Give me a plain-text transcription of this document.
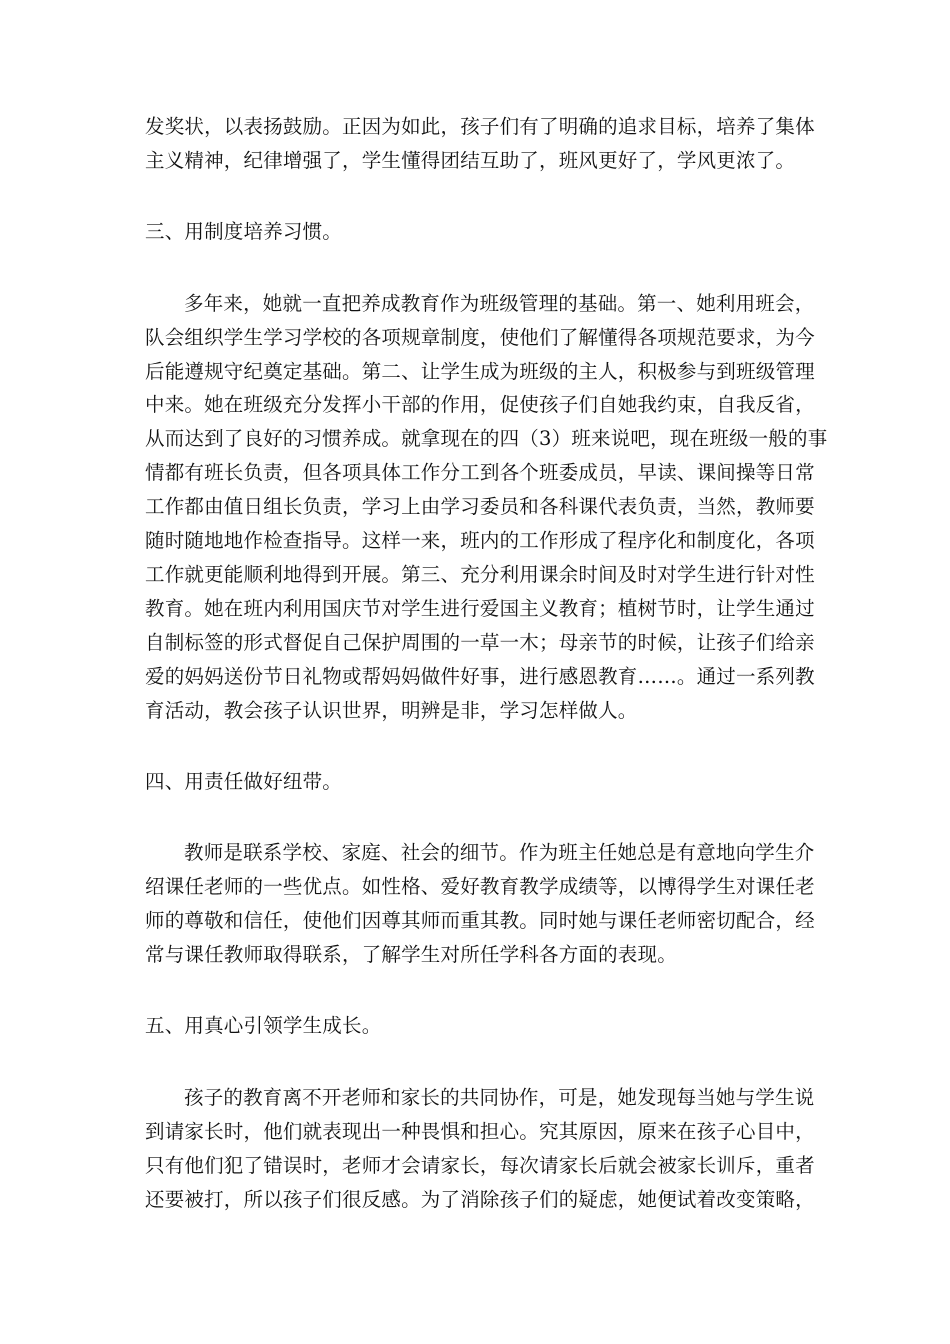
发奖状，以表扬鼓励。正因为如此，孩子们有了明确的追求目标，培养了集体
主义精神，纪律增强了，学生懂得团结互助了，班风更好了，学风更浓了。
三、用制度培养习惯。
多年来，她就一直把养成教育作为班级管理的基础。第一、她利用班会，
队会组织学生学习学校的各项规章制度，使他们了解懂得各项规范要求，为今
后能遵规守纪奠定基础。第二、让学生成为班级的主人，积极参与到班级管理
中来。她在班级充分发挥小干部的作用，促使孩子们自她我约束，自我反省，
从而达到了良好的习惯养成。就拿现在的四（3）班来说吧，现在班级一般的事
情都有班长负责，但各项具体工作分工到各个班委成员，早读、课间操等日常
工作都由值日组长负责，学习上由学习委员和各科课代表负责，当然，教师要
随时随地地作检查指导。这样一来，班内的工作形成了程序化和制度化，各项
工作就更能顺利地得到开展。第三、充分利用课余时间及时对学生进行针对性
教育。她在班内利用国庆节对学生进行爱国主义教育；植树节时，让学生通过
自制标签的形式督促自己保护周围的一草一木；母亲节的时候，让孩子们给亲
爱的妈妈送份节日礼物或帮妈妈做件好事，进行感恩教育……。通过一系列教
育活动，教会孩子认识世界，明辨是非，学习怎样做人。
四、用责任做好纽带。
教师是联系学校、家庭、社会的细节。作为班主任她总是有意地向学生介
绍课任老师的一些优点。如性格、爱好教育教学成绩等，以博得学生对课任老
师的尊敬和信任，使他们因尊其师而重其教。同时她与课任老师密切配合，经
常与课任教师取得联系，了解学生对所任学科各方面的表现。
五、用真心引领学生成长。
孩子的教育离不开老师和家长的共同协作，可是，她发现每当她与学生说
到请家长时，他们就表现出一种畏惧和担心。究其原因，原来在孩子心目中，
只有他们犯了错误时，老师才会请家长，每次请家长后就会被家长训斥，重者
还要被打，所以孩子们很反感。为了消除孩子们的疑虑，她便试着改变策略，
